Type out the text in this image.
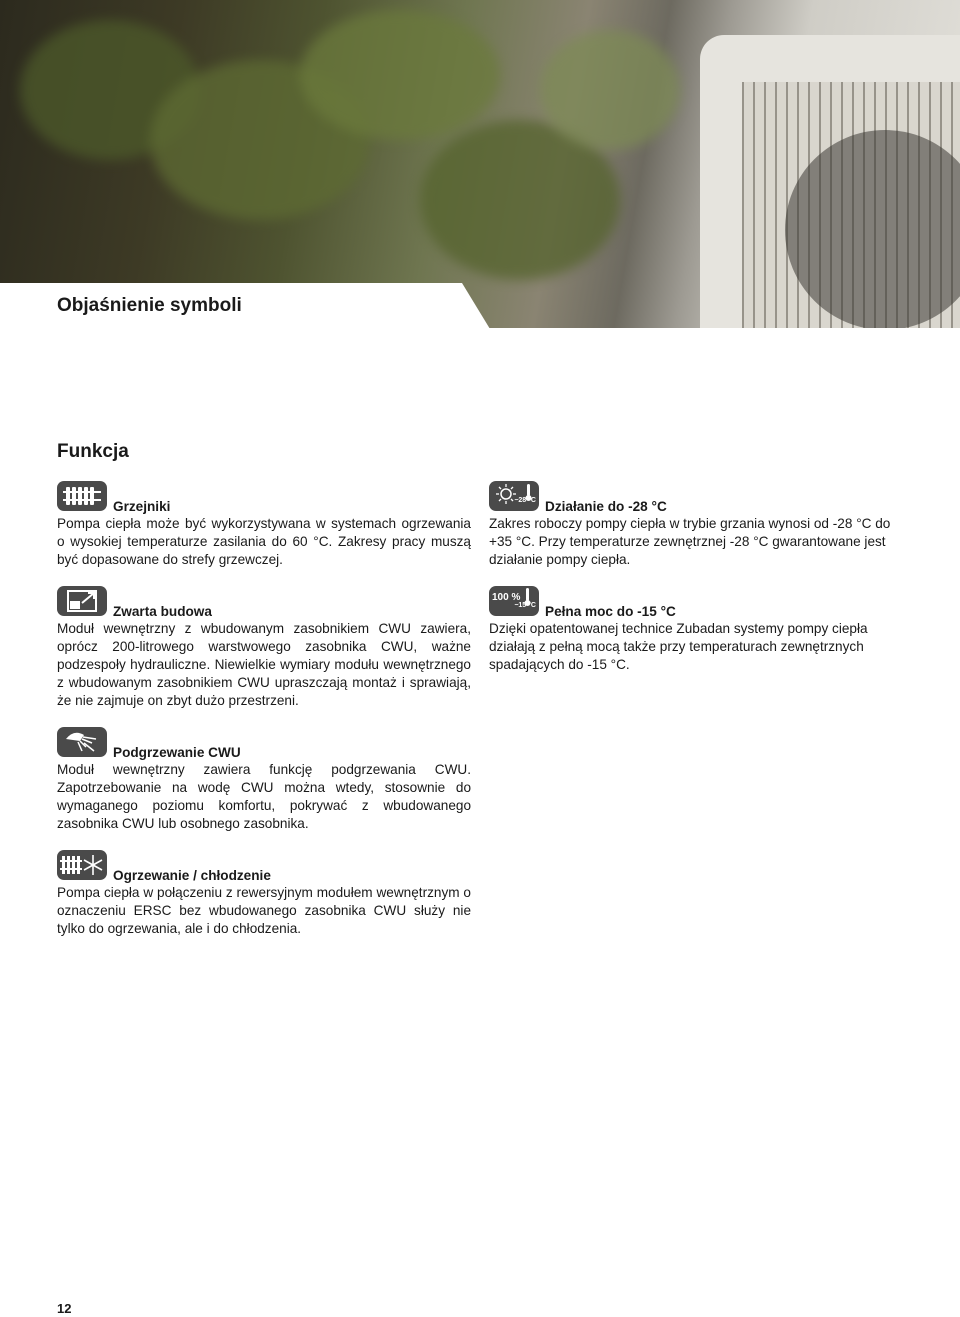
Objaśnienie symboli
Funkcja
Grzejniki

Pompa ciepła może być wykorzystywana w systemach ogrzewania o wysokiej temperaturze zasilania do 60 °C. Zakresy pracy muszą być dopasowane do strefy grzewczej.

Zwarta budowa

Moduł wewnętrzny z wbudowanym zasobnikiem CWU zawiera, oprócz 200-litrowego warstwowego zasobnika CWU, ważne podzespoły hydrauliczne. Niewielkie wymiary modułu wewnętrznego z wbudowanym zasobnikiem CWU upraszczają montaż i sprawiają, że nie zajmuje on zbyt dużo przestrzeni.

Podgrzewanie CWU

Moduł wewnętrzny zawiera funkcję podgrzewania CWU. Zapotrzebowanie na wodę CWU można wtedy, stosownie do wymaganego poziomu komfortu, pokrywać z wbudowanego zasobnika CWU lub osobnego zasobnika.

Ogrzewanie / chłodzenie

Pompa ciepła w połączeniu z rewersyjnym modułem wewnętrznym o oznaczeniu ERSC bez wbudowanego zasobnika CWU służy nie tylko do ogrzewania, ale i do chłodzenia.

−28 °C Działanie do -28 °C

Zakres roboczy pompy ciepła w trybie grzania wynosi od -28 °C do +35 °C. Przy temperaturze zewnętrznej -28 °C gwarantowane jest działanie pompy ciepła.

100 %
−15 °C Pełna moc do -15 °C

Dzięki opatentowanej technice Zubadan systemy pompy ciepła działają z pełną mocą także przy temperaturach zewnętrznych spadających do -15 °C.

12
